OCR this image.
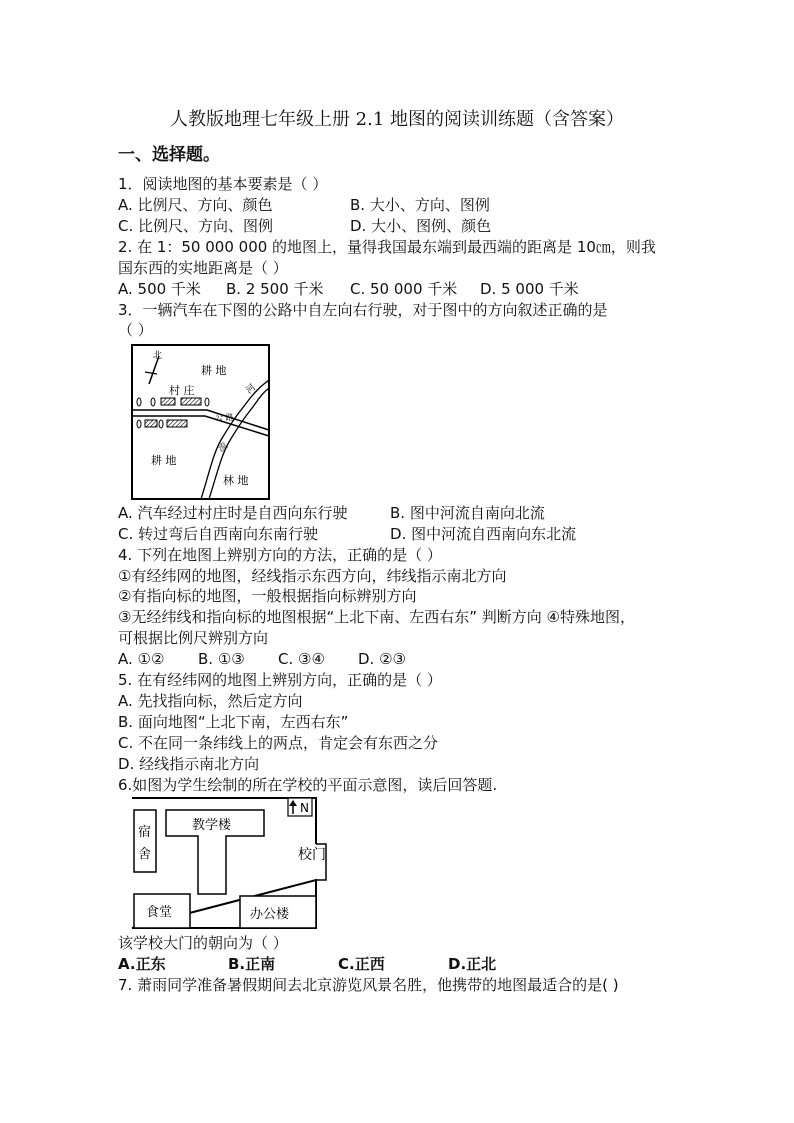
人教版地理七年级上册 2.1 地图的阅读训练题（含答案）
一、选择题。
1．阅读地图的基本要素是（ ）
A. 比例尺、方向、颜色	B. 大小、方向、图例
C. 比例尺、方向、图例	D. 大小、图例、颜色
2. 在 1：50 000 000 的地图上，量得我国最东端到最西端的距离是 10㎝，则我
国东西的实地距离是（ ）
A. 500 千米 B. 2 500 千米 C. 50 000 千米 D. 5 000 千米
3．一辆汽车在下图的公路中自左向右行驶，对于图中的方向叙述正确的是
（ ）
北
耕 地
村 庄
公 路
河
流
耕 地
林 地
A. 汽车经过村庄时是自西向东行驶	B. 图中河流自南向北流
C. 转过弯后自西南向东南行驶	D. 图中河流自西南向东北流
4. 下列在地图上辨别方向的方法，正确的是（ ）
①有经纬网的地图，经线指示东西方向，纬线指示南北方向
②有指向标的地图，一般根据指向标辨别方向
③无经纬线和指向标的地图根据“上北下南、左西右东” 判断方向 ④特殊地图，
可根据比例尺辨别方向
A. ①② B. ①③ C. ③④ D. ②③
5. 在有经纬网的地图上辨别方向，正确的是（ ）
A. 先找指向标，然后定方向
B. 面向地图“上北下南，左西右东”
C. 不在同一条纬线上的两点，肯定会有东西之分
D. 经线指示南北方向
6.如图为学生绘制的所在学校的平面示意图，读后回答题.
宿
舍
教学楼
N
校门
食堂	办公楼
该学校大门的朝向为（ ）
A.正东	B.正南	C.正西	D.正北
7. 萧雨同学准备暑假期间去北京游览风景名胜，他携带的地图最适合的是( )
